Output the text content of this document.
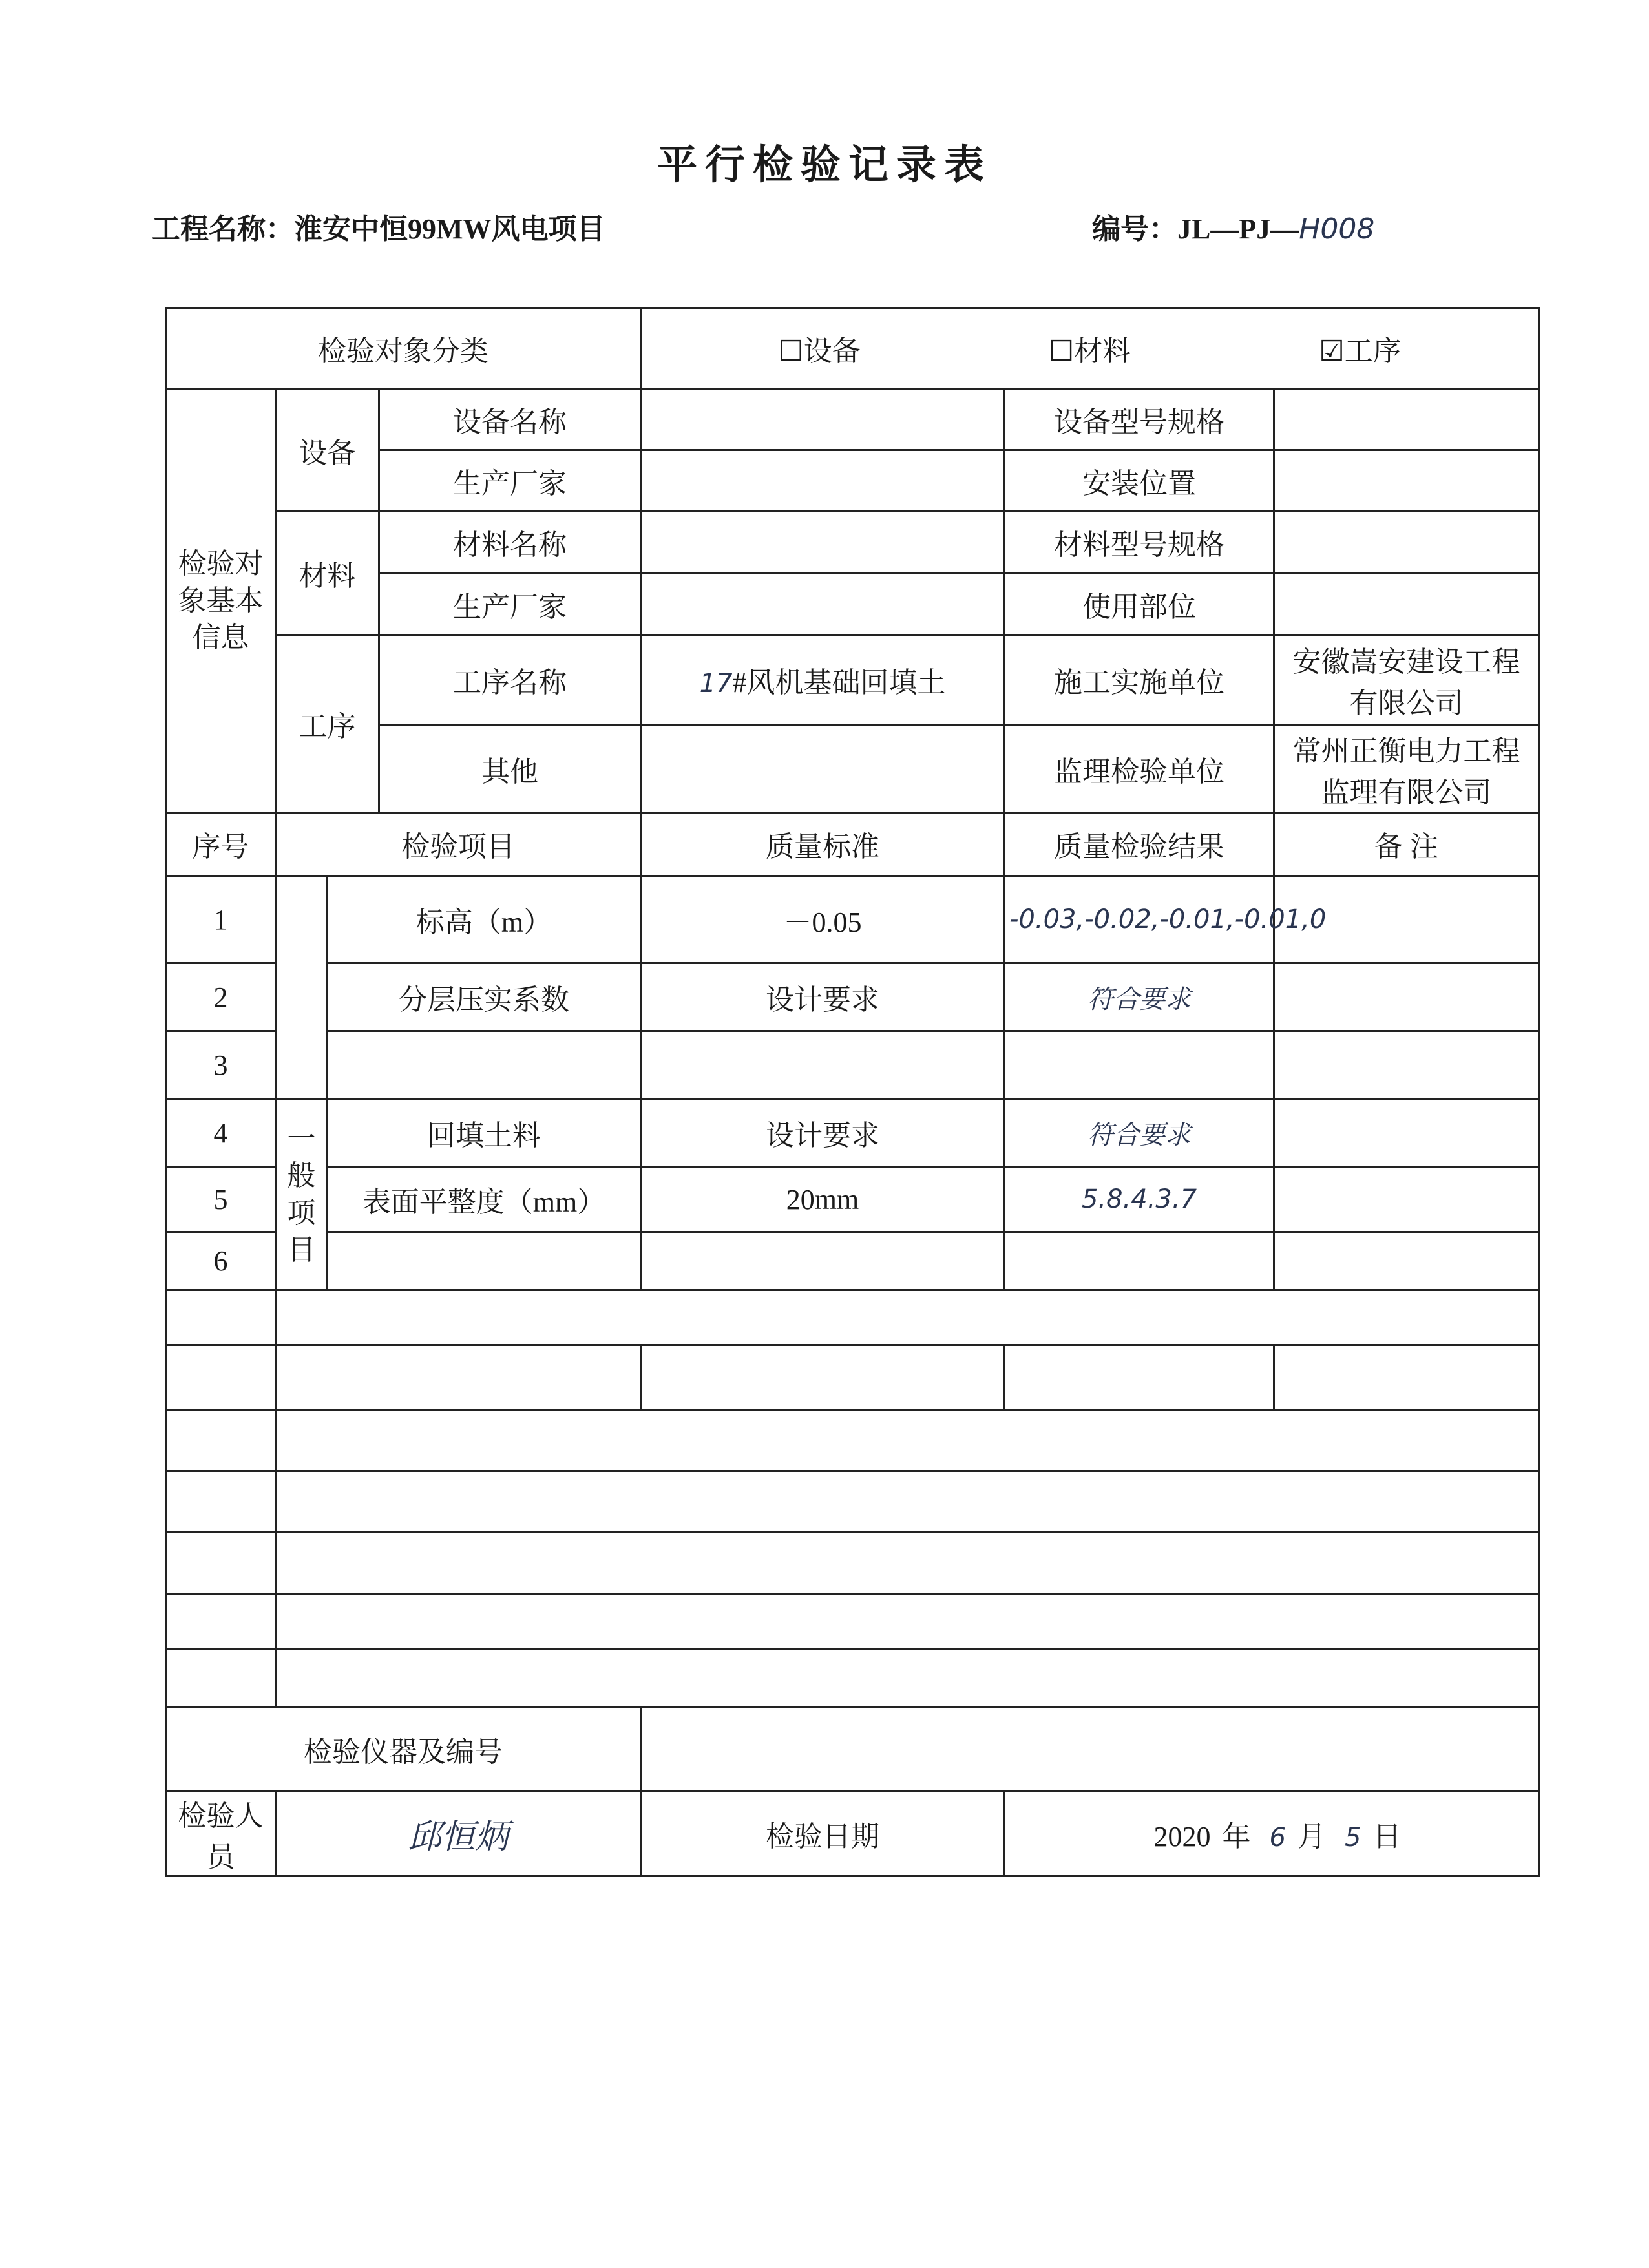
平行检验记录表
工程名称：淮安中恒99MW风电项目	编号：JL—PJ—H008
检验对象分类				☐设备 ☐材料 ☑工序		
检验对象基本信息	设备		设备名称		设备型号规格	
			生产厂家		安装位置	
	材料		材料名称		材料型号规格	
			生产厂家		使用部位	
	工序		工序名称	17#风机基础回填土	施工实施单位	安徽嵩安建设工程有限公司
			其他		监理检验单位	常州正衡电力工程监理有限公司
序号	检验项目			质量标准	质量检验结果	备 注
1		标高（m）		－0.05	-0.03,-0.02,-0.01,-0.01,0	
2		分层压实系数		设计要求	符合要求	
3						
4	一般项目	回填土料		设计要求	符合要求	
5		表面平整度（mm）		20mm	5.8.4.3.7	
6						

检验仪器及编号						
检验人员	邱恒炳			检验日期	2020 年 6 月 5 日	
